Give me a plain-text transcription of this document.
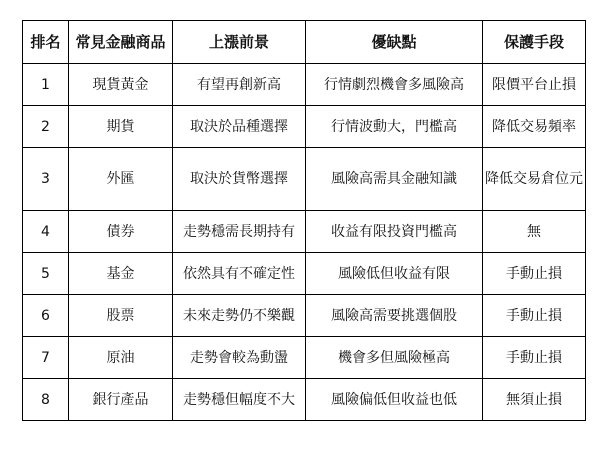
排名	常見金融商品	上漲前景	優缺點	保護手段
1	現貨黃金	有望再創新高	行情劇烈機會多風險高	限價平台止損
2	期貨	取決於品種選擇	行情波動大，門檻高	降低交易頻率
3	外匯	取決於貨幣選擇	風險高需具金融知識	降低交易倉位元
4	債券	走勢穩需長期持有	收益有限投資門檻高	無
5	基金	依然具有不確定性	風險低但收益有限	手動止損
6	股票	未來走勢仍不樂觀	風險高需要挑選個股	手動止損
7	原油	走勢會較為動盪	機會多但風險極高	手動止損
8	銀行產品	走勢穩但幅度不大	風險偏低但收益也低	無須止損
